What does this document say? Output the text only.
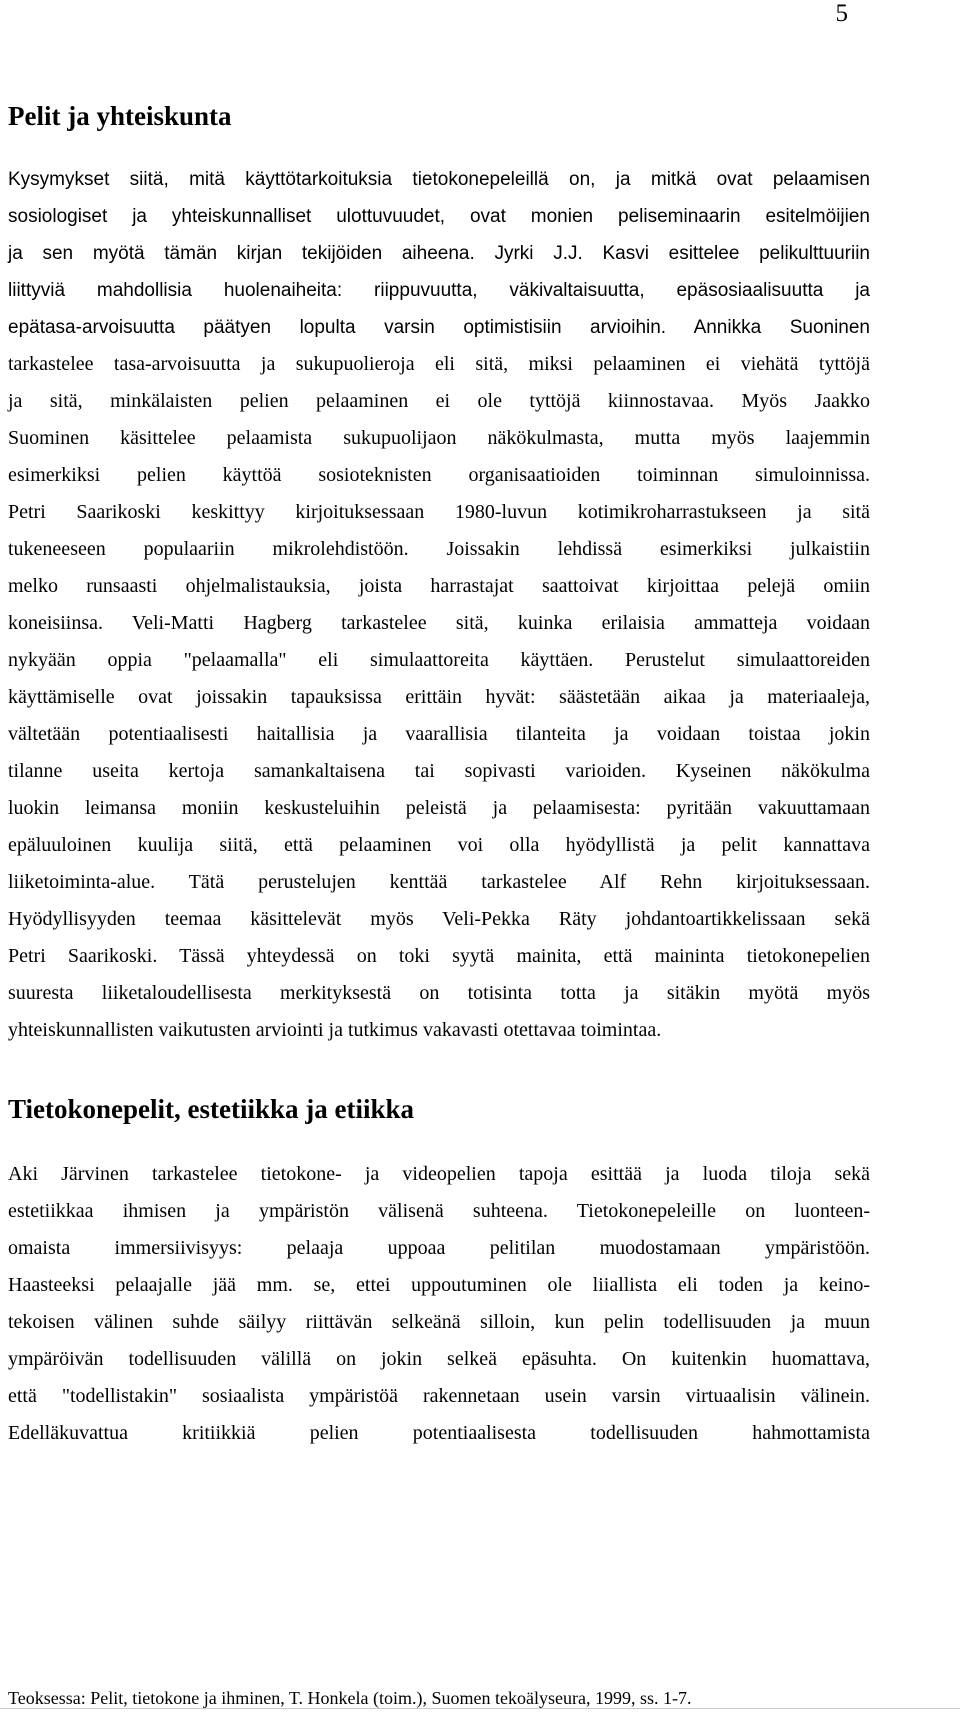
5
Pelit ja yhteiskunta
Kysymykset siitä, mitä käyttötarkoituksia tietokonepeleillä on, ja mitkä ovat pelaamisen
sosiologiset ja yhteiskunnalliset ulottuvuudet, ovat monien peliseminaarin esitelmöijien
ja sen myötä tämän kirjan tekijöiden aiheena. Jyrki J.J. Kasvi esittelee pelikulttuuriin
liittyviä mahdollisia huolenaiheita: riippuvuutta, väkivaltaisuutta, epäsosiaalisuutta ja
epätasa-arvoisuutta päätyen lopulta varsin optimistisiin arvioihin. Annikka Suoninen
tarkastelee tasa-arvoisuutta ja sukupuolieroja eli sitä, miksi pelaaminen ei viehätä tyttöjä
ja sitä, minkälaisten pelien pelaaminen ei ole tyttöjä kiinnostavaa. Myös Jaakko
Suominen käsittelee pelaamista sukupuolijaon näkökulmasta, mutta myös laajemmin
esimerkiksi pelien käyttöä sosioteknisten organisaatioiden toiminnan simuloinnissa.
Petri Saarikoski keskittyy kirjoituksessaan 1980-luvun kotimikroharrastukseen ja sitä
tukeneeseen populaariin mikrolehdistöön. Joissakin lehdissä esimerkiksi julkaistiin
melko runsaasti ohjelmalistauksia, joista harrastajat saattoivat kirjoittaa pelejä omiin
koneisiinsa. Veli-Matti Hagberg tarkastelee sitä, kuinka erilaisia ammatteja voidaan
nykyään oppia "pelaamalla" eli simulaattoreita käyttäen. Perustelut simulaattoreiden
käyttämiselle ovat joissakin tapauksissa erittäin hyvät: säästetään aikaa ja materiaaleja,
vältetään potentiaalisesti haitallisia ja vaarallisia tilanteita ja voidaan toistaa jokin
tilanne useita kertoja samankaltaisena tai sopivasti varioiden. Kyseinen näkökulma
luokin leimansa moniin keskusteluihin peleistä ja pelaamisesta: pyritään vakuuttamaan
epäluuloinen kuulija siitä, että pelaaminen voi olla hyödyllistä ja pelit kannattava
liiketoiminta-alue. Tätä perustelujen kenttää tarkastelee Alf Rehn kirjoituksessaan.
Hyödyllisyyden teemaa käsittelevät myös Veli-Pekka Räty johdantoartikkelissaan sekä
Petri Saarikoski. Tässä yhteydessä on toki syytä mainita, että maininta tietokonepelien
suuresta liiketaloudellisesta merkityksestä on totisinta totta ja sitäkin myötä myös
yhteiskunnallisten vaikutusten arviointi ja tutkimus vakavasti otettavaa toimintaa.
Tietokonepelit, estetiikka ja etiikka
Aki Järvinen tarkastelee tietokone- ja videopelien tapoja esittää ja luoda tiloja sekä
estetiikkaa ihmisen ja ympäristön välisenä suhteena. Tietokonepeleille on luonteen-
omaista immersiivisyys: pelaaja uppoaa pelitilan muodostamaan ympäristöön.
Haasteeksi pelaajalle jää mm. se, ettei uppoutuminen ole liiallista eli toden ja keino-
tekoisen välinen suhde säilyy riittävän selkeänä silloin, kun pelin todellisuuden ja muun
ympäröivän todellisuuden välillä on jokin selkeä epäsuhta. On kuitenkin huomattava,
että "todellistakin" sosiaalista ympäristöä rakennetaan usein varsin virtuaalisin välinein.
Edelläkuvattua kritiikkiä pelien potentiaalisesta todellisuuden hahmottamista
Teoksessa: Pelit, tietokone ja ihminen, T. Honkela (toim.), Suomen tekoälyseura, 1999, ss. 1-7.
